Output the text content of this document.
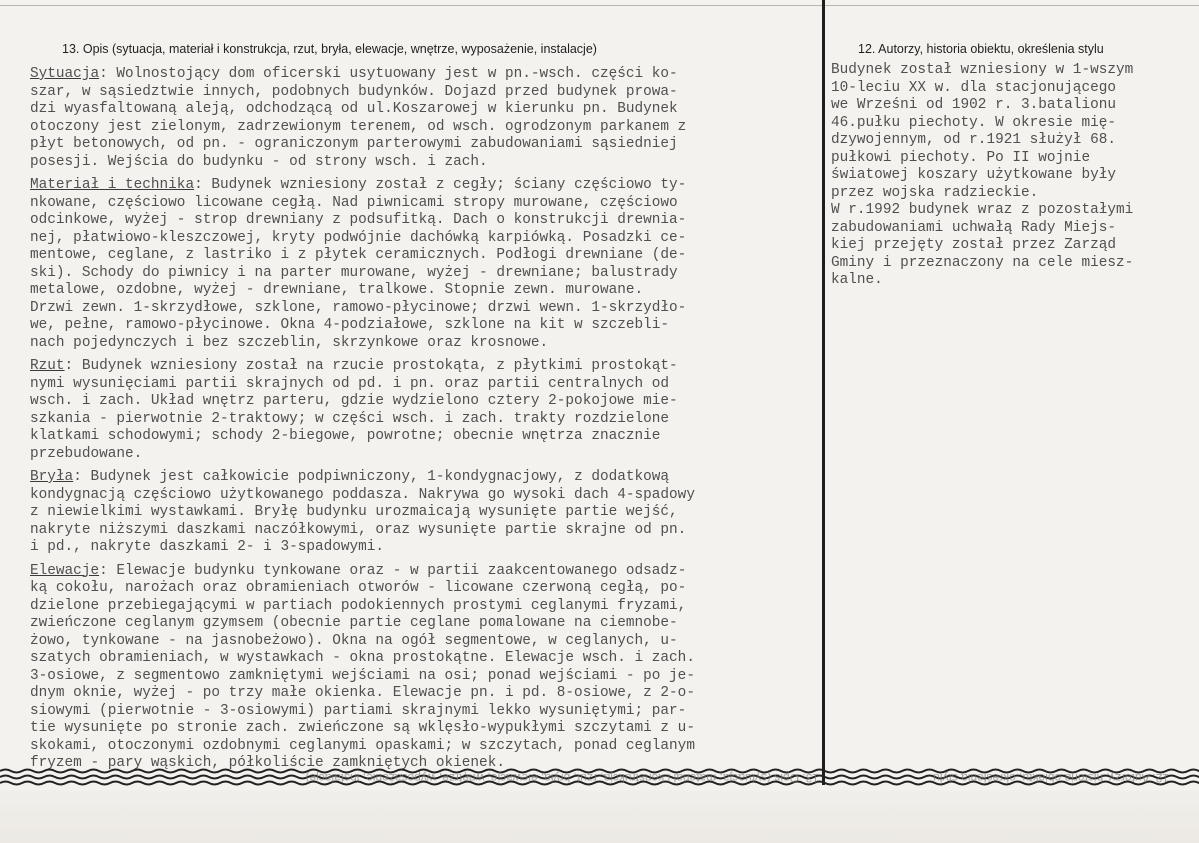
13. Opis (sytuacja, materiał i konstrukcja, rzut, bryła, elewacje, wnętrze, wyposażenie, instalacje)	12. Autorzy, historia obiektu, określenia stylu
Sytuacja: Wolnostojący dom oficerski usytuowany jest w pn.-wsch. części ko-
szar, w sąsiedztwie innych, podobnych budynków. Dojazd przed budynek prowa-
dzi wyasfaltowaną aleją, odchodzącą od ul.Koszarowej w kierunku pn. Budynek
otoczony jest zielonym, zadrzewionym terenem, od wsch. ogrodzonym parkanem z
płyt betonowych, od pn. - ograniczonym parterowymi zabudowaniami sąsiedniej
posesji. Wejścia do budynku - od strony wsch. i zach.
Materiał i technika: Budynek wzniesiony został z cegły; ściany częściowo ty-
nkowane, częściowo licowane cegłą. Nad piwnicami stropy murowane, częściowo
odcinkowe, wyżej - strop drewniany z podsufitką. Dach o konstrukcji drewnia-
nej, płatwiowo-kleszczowej, kryty podwójnie dachówką karpiówką. Posadzki ce-
mentowe, ceglane, z lastriko i z płytek ceramicznych. Podłogi drewniane (de-
ski). Schody do piwnicy i na parter murowane, wyżej - drewniane; balustrady
metalowe, ozdobne, wyżej - drewniane, tralkowe. Stopnie zewn. murowane.
Drzwi zewn. 1-skrzydłowe, szklone, ramowo-płycinowe; drzwi wewn. 1-skrzydło-
we, pełne, ramowo-płycinowe. Okna 4-podziałowe, szklone na kit w szczebli-
nach pojedynczych i bez szczeblin, skrzynkowe oraz krosnowe.
Rzut: Budynek wzniesiony został na rzucie prostokąta, z płytkimi prostokąt-
nymi wysunięciami partii skrajnych od pd. i pn. oraz partii centralnych od
wsch. i zach. Układ wnętrz parteru, gdzie wydzielono cztery 2-pokojowe mie-
szkania - pierwotnie 2-traktowy; w części wsch. i zach. trakty rozdzielone
klatkami schodowymi; schody 2-biegowe, powrotne; obecnie wnętrza znacznie
przebudowane.
Bryła: Budynek jest całkowicie podpiwniczony, 1-kondygnacjowy, z dodatkową
kondygnacją częściowo użytkowanego poddasza. Nakrywa go wysoki dach 4-spadowy
z niewielkimi wystawkami. Bryłę budynku urozmaicają wysunięte partie wejść,
nakryte niższymi daszkami naczółkowymi, oraz wysunięte partie skrajne od pn.
i pd., nakryte daszkami 2- i 3-spadowymi.
Elewacje: Elewacje budynku tynkowane oraz - w partii zaakcentowanego odsadz-
ką cokołu, narożach oraz obramieniach otworów - licowane czerwoną cegłą, po-
dzielone przebiegającymi w partiach podokiennych prostymi ceglanymi fryzami,
zwieńczone ceglanym gzymsem (obecnie partie ceglane pomalowane na ciemnobe-
żowo, tynkowane - na jasnobeżowo). Okna na ogół segmentowe, w ceglanych, u-
szatych obramieniach, w wystawkach - okna prostokątne. Elewacje wsch. i zach.
3-osiowe, z segmentowo zamkniętymi wejściami na osi; ponad wejściami - po je-
dnym oknie, wyżej - po trzy małe okienka. Elewacje pn. i pd. 8-osiowe, z 2-o-
siowymi (pierwotnie - 3-osiowymi) partiami skrajnymi lekko wysuniętymi; par-
tie wysunięte po stronie zach. zwieńczone są wklęsło-wypukłymi szczytami z u-
skokami, otoczonymi ozdobnymi ceglanymi opaskami; w szczytach, ponad ceglanym
fryzem - pary wąskich, półkoliście zamkniętych okienek.
Budynek został wzniesiony w 1-wszym
10-leciu XX w. dla stacjonującego
we Wrześni od 1902 r. 3.batalionu
46.pułku piechoty. W okresie mię-
dzywojennym, od r.1921 służył 68.
pułkowi piechoty. Po II wojnie
światowej koszary użytkowane były
przez wojska radzieckie.
W r.1992 budynek wraz z pozostałymi
zabudowaniami uchwałą Rady Miejs-
kiej przejęty został przez Zarząd
Gminy i przeznaczony na cele miesz-
kalne.
13. Opis (sytuacja, materiał i konstrukcja, rzut, bryła, elewacje, wnętrze, wyposażenie, instalacje)	12. Autorzy, historia obiektu, określenia stylu
